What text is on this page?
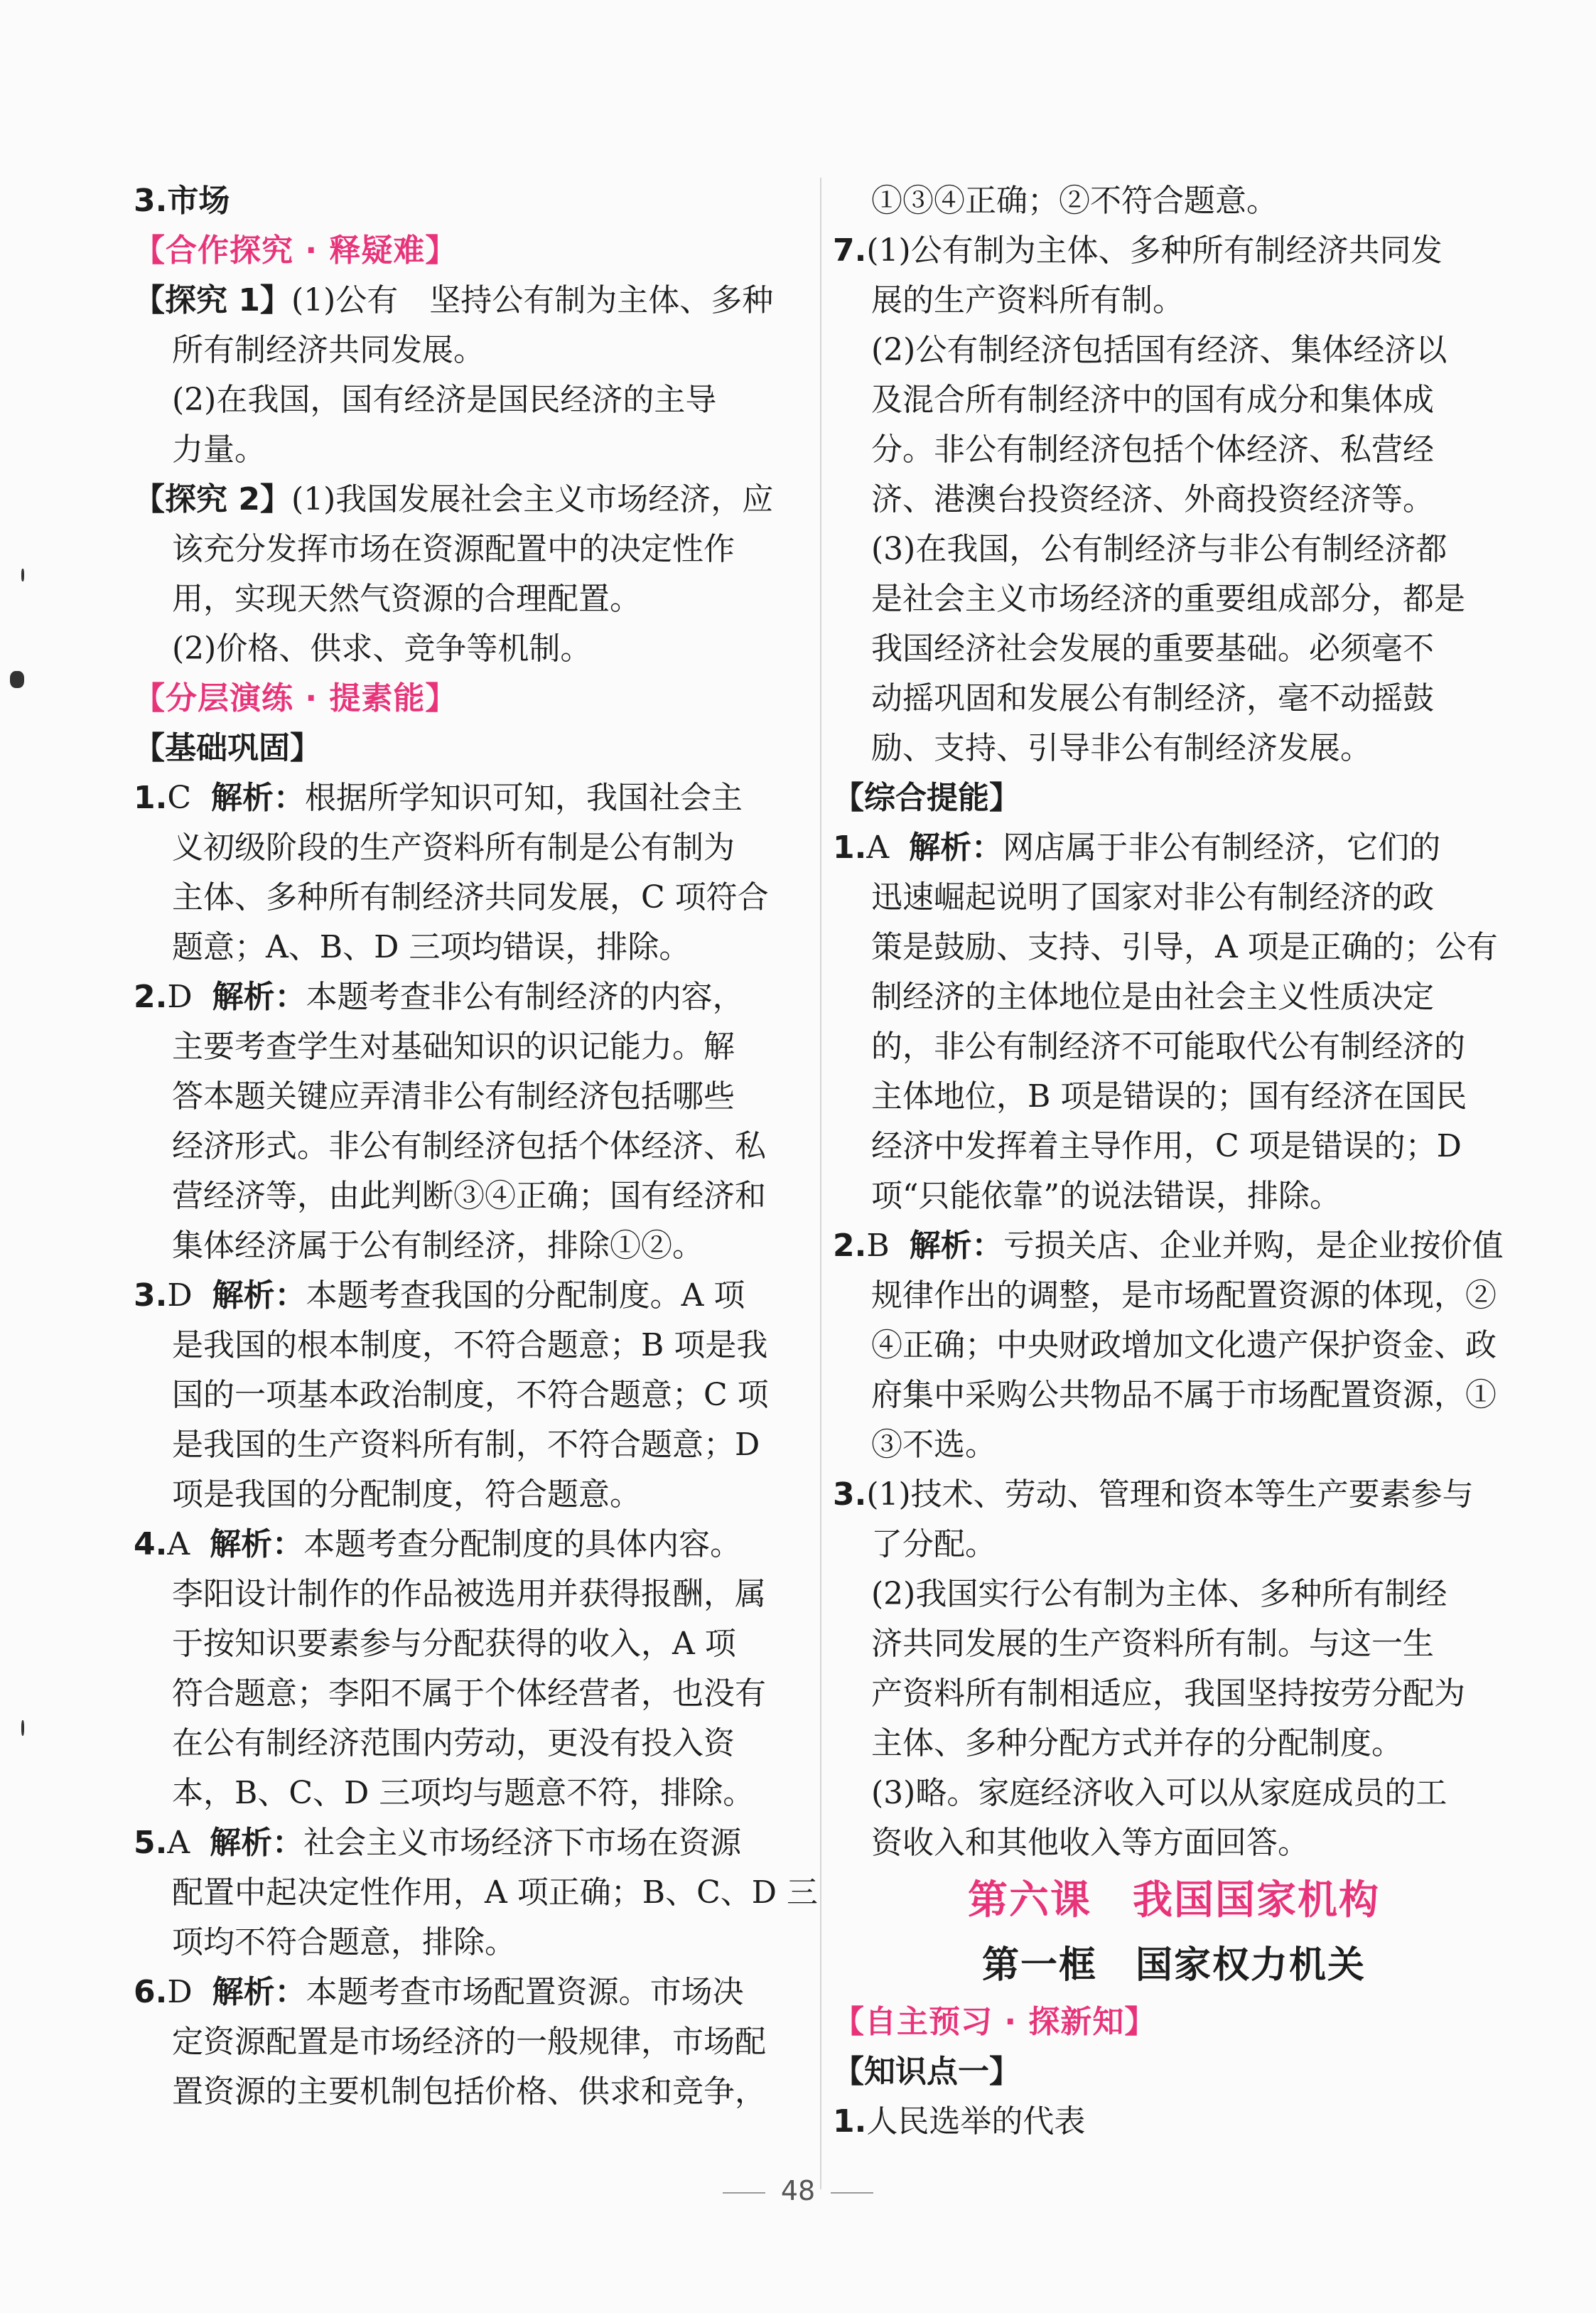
3.市场
【合作探究 · 释疑难】
【探究 1】(1)公有　坚持公有制为主体、多种
所有制经济共同发展。
(2)在我国，国有经济是国民经济的主导
力量。
【探究 2】(1)我国发展社会主义市场经济，应
该充分发挥市场在资源配置中的决定性作
用，实现天然气资源的合理配置。
(2)价格、供求、竞争等机制。
【分层演练 · 提素能】
【基础巩固】
1.C 解析：根据所学知识可知，我国社会主
义初级阶段的生产资料所有制是公有制为
主体、多种所有制经济共同发展，C 项符合
题意；A、B、D 三项均错误，排除。
2.D 解析：本题考查非公有制经济的内容，
主要考查学生对基础知识的识记能力。解
答本题关键应弄清非公有制经济包括哪些
经济形式。非公有制经济包括个体经济、私
营经济等，由此判断③④正确；国有经济和
集体经济属于公有制经济，排除①②。
3.D 解析：本题考查我国的分配制度。A 项
是我国的根本制度，不符合题意；B 项是我
国的一项基本政治制度，不符合题意；C 项
是我国的生产资料所有制，不符合题意；D
项是我国的分配制度，符合题意。
4.A 解析：本题考查分配制度的具体内容。
李阳设计制作的作品被选用并获得报酬，属
于按知识要素参与分配获得的收入，A 项
符合题意；李阳不属于个体经营者，也没有
在公有制经济范围内劳动，更没有投入资
本，B、C、D 三项均与题意不符，排除。
5.A 解析：社会主义市场经济下市场在资源
配置中起决定性作用，A 项正确；B、C、D 三
项均不符合题意，排除。
6.D 解析：本题考查市场配置资源。市场决
定资源配置是市场经济的一般规律，市场配
置资源的主要机制包括价格、供求和竞争，
①③④正确；②不符合题意。
7.(1)公有制为主体、多种所有制经济共同发
展的生产资料所有制。
(2)公有制经济包括国有经济、集体经济以
及混合所有制经济中的国有成分和集体成
分。非公有制经济包括个体经济、私营经
济、港澳台投资经济、外商投资经济等。
(3)在我国，公有制经济与非公有制经济都
是社会主义市场经济的重要组成部分，都是
我国经济社会发展的重要基础。必须毫不
动摇巩固和发展公有制经济，毫不动摇鼓
励、支持、引导非公有制经济发展。
【综合提能】
1.A 解析：网店属于非公有制经济，它们的
迅速崛起说明了国家对非公有制经济的政
策是鼓励、支持、引导，A 项是正确的；公有
制经济的主体地位是由社会主义性质决定
的，非公有制经济不可能取代公有制经济的
主体地位，B 项是错误的；国有经济在国民
经济中发挥着主导作用，C 项是错误的；D
项“只能依靠”的说法错误，排除。
2.B 解析：亏损关店、企业并购，是企业按价值
规律作出的调整，是市场配置资源的体现，②
④正确；中央财政增加文化遗产保护资金、政
府集中采购公共物品不属于市场配置资源，①
③不选。
3.(1)技术、劳动、管理和资本等生产要素参与
了分配。
(2)我国实行公有制为主体、多种所有制经
济共同发展的生产资料所有制。与这一生
产资料所有制相适应，我国坚持按劳分配为
主体、多种分配方式并存的分配制度。
(3)略。家庭经济收入可以从家庭成员的工
资收入和其他收入等方面回答。
第六课　我国国家机构
第一框　国家权力机关
【自主预习 · 探新知】
【知识点一】
1.人民选举的代表
48
